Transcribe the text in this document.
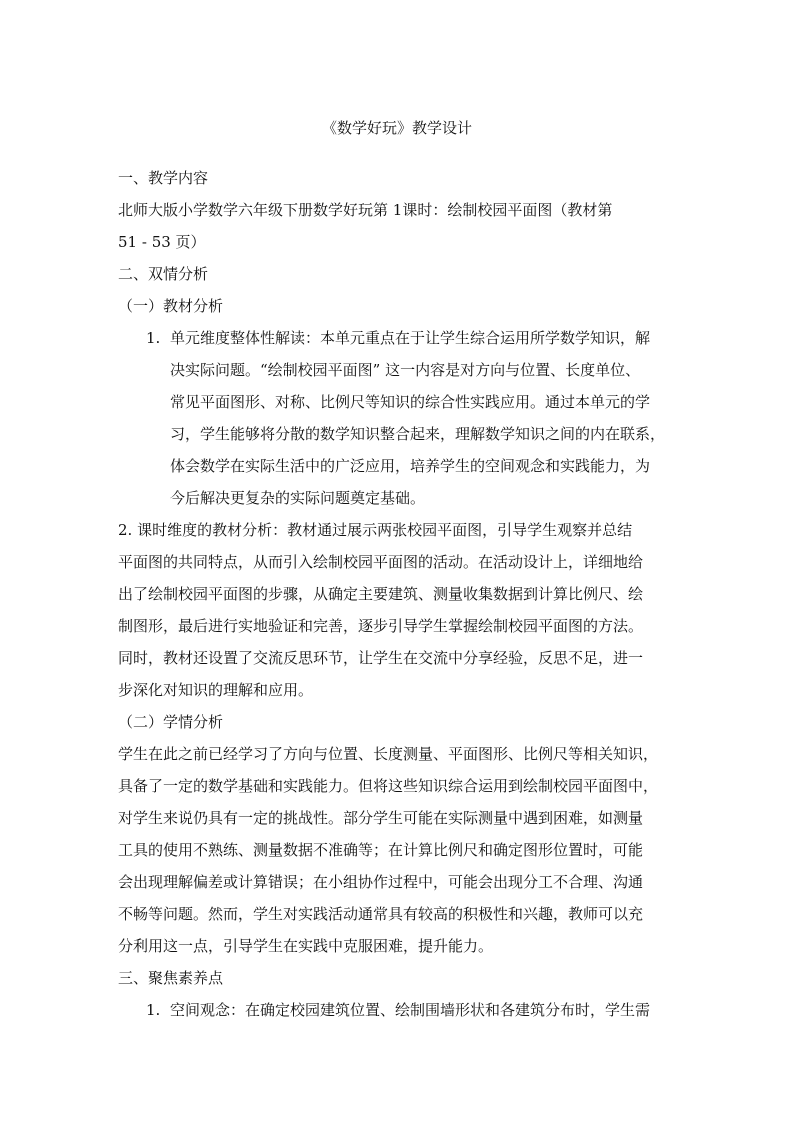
《数学好玩》教学设计
一、教学内容
北师大版小学数学六年级下册数学好玩第 1课时：绘制校园平面图（教材第
51 - 53 页）
二、双情分析
（一）教材分析
1. 单元维度整体性解读：本单元重点在于让学生综合运用所学数学知识，解
决实际问题。“绘制校园平面图” 这一内容是对方向与位置、长度单位、
常见平面图形、对称、比例尺等知识的综合性实践应用。通过本单元的学
习，学生能够将分散的数学知识整合起来，理解数学知识之间的内在联系，
体会数学在实际生活中的广泛应用，培养学生的空间观念和实践能力，为
今后解决更复杂的实际问题奠定基础。
2. 课时维度的教材分析：教材通过展示两张校园平面图，引导学生观察并总结
平面图的共同特点，从而引入绘制校园平面图的活动。在活动设计上，详细地给
出了绘制校园平面图的步骤，从确定主要建筑、测量收集数据到计算比例尺、绘
制图形，最后进行实地验证和完善，逐步引导学生掌握绘制校园平面图的方法。
同时，教材还设置了交流反思环节，让学生在交流中分享经验，反思不足，进一
步深化对知识的理解和应用。
（二）学情分析
学生在此之前已经学习了方向与位置、长度测量、平面图形、比例尺等相关知识，
具备了一定的数学基础和实践能力。但将这些知识综合运用到绘制校园平面图中，
对学生来说仍具有一定的挑战性。部分学生可能在实际测量中遇到困难，如测量
工具的使用不熟练、测量数据不准确等；在计算比例尺和确定图形位置时，可能
会出现理解偏差或计算错误；在小组协作过程中，可能会出现分工不合理、沟通
不畅等问题。然而，学生对实践活动通常具有较高的积极性和兴趣，教师可以充
分利用这一点，引导学生在实践中克服困难，提升能力。
三、聚焦素养点
1. 空间观念：在确定校园建筑位置、绘制围墙形状和各建筑分布时，学生需
